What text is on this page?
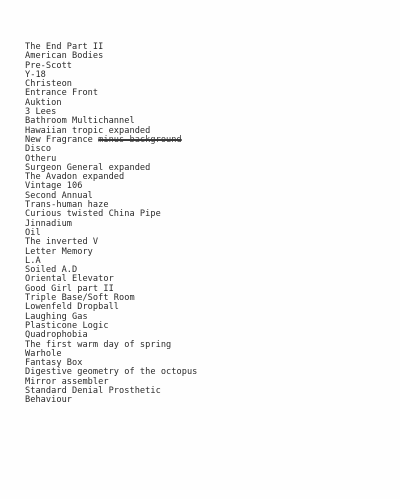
The End Part II
American Bodies
Pre-Scott
Y-18
Christeon
Entrance Front
Auktion
3 Lees
Bathroom Multichannel
Hawaiian tropic expanded
New Fragrance minus background
Disco
Otheru
Surgeon General expanded
The Avadon expanded
Vintage 106
Second Annual
Trans-human haze
Curious twisted China Pipe
Jinnadium
Oil
The inverted V
Letter Memory
L.A
Soiled A.D
Oriental Elevator
Good Girl part II
Triple Base/Soft Room
Lowenfeld Dropball
Laughing Gas
Plasticone Logic
Quadrophobia
The first warm day of spring
Warhole
Fantasy Box
Digestive geometry of the octopus
Mirror assembler
Standard Denial Prosthetic
Behaviour
